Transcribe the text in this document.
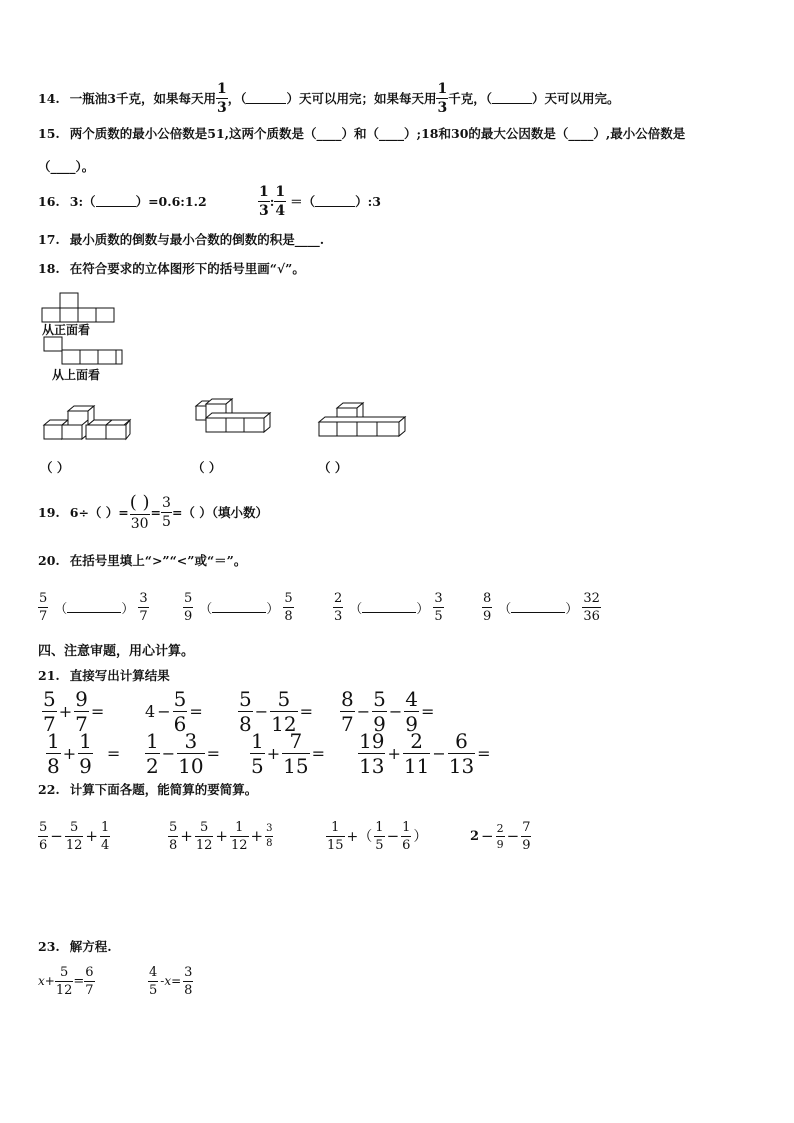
14. 一瓶油3千克，如果每天用 $\frac{1}{3}$ ，（	）天可以用完；如果每天用 $\frac{1}{3}$ 千克，（	）天可以用完。
15. 两个质数的最小公倍数是51,这两个质数是（____）和（____）;18和30的最大公因数是（____）,最小公倍数是
（____）。
16. 3:（	）=0.6:1.2	$\frac{1}{3}$ : $\frac{1}{4}$ ＝（	）:3
17. 最小质数的倒数与最小合数的倒数的积是____.
18. 在符合要求的立体图形下的括号里画“√”。
从正面看
从上面看
（ ）	（ ）	（ ）
19. 6÷（ ）= ( )
30
= $\frac{3}{5}$ =（ ）（填小数）
20. 在括号里填上“>”“<”或“＝”。
$\frac{5}{7}$ （	） $\frac{3}{7}$	$\frac{5}{9}$ （	） $\frac{5}{8}$	$\frac{2}{3}$ （	） $\frac{3}{5}$	$\frac{8}{9}$ （	） $\frac{32}{36}$
四、注意审题，用心计算。
21. 直接写出计算结果
$\frac{5}{7} + \frac{9}{7}$ =	$4 - \frac{5}{6} = \frac{5}{8} - \frac{5}{12} = \frac{8}{7} - \frac{5}{9} - \frac{4}{9}$ =
$\frac{1}{8} + \frac{1}{9} = \frac{1}{2} - \frac{3}{10} = \frac{1}{5} + \frac{7}{15} = \frac{19}{13} + \frac{2}{11} - \frac{6}{13}$ =
22. 计算下面各题，能简算的要简算。
$\frac{5}{6} - \frac{5}{12} + \frac{1}{4}$	$\frac{5}{8} + \frac{5}{12} + \frac{1}{12} + \frac{3}{8}$	$\frac{1}{15}$ +（ $\frac{1}{5} - \frac{1}{6}$ ）	$2 - \frac{2}{9} - \frac{7}{9}$
23. 解方程.
$x+ \frac{5}{12} = \frac{6}{7}$	$\frac{4}{5} -x= \frac{3}{8}$
